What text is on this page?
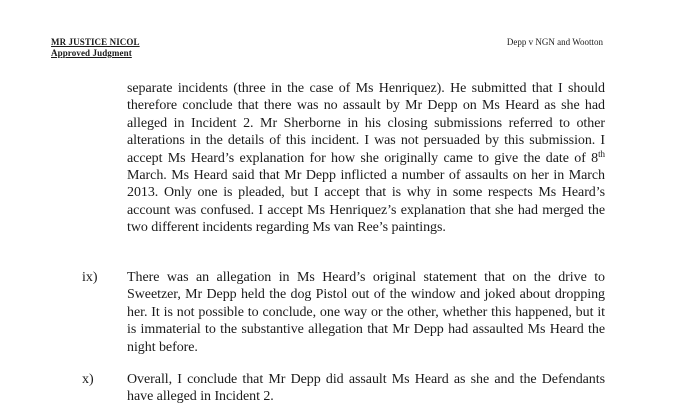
MR JUSTICE NICOL
Approved Judgment
Depp v NGN and Wootton
separate incidents (three in the case of Ms Henriquez). He submitted that I should therefore conclude that there was no assault by Mr Depp on Ms Heard as she had alleged in Incident 2. Mr Sherborne in his closing submissions referred to other alterations in the details of this incident. I was not persuaded by this submission. I accept Ms Heard’s explanation for how she originally came to give the date of 8th March. Ms Heard said that Mr Depp inflicted a number of assaults on her in March 2013. Only one is pleaded, but I accept that is why in some respects Ms Heard’s account was confused. I accept Ms Henriquez’s explanation that she had merged the two different incidents regarding Ms van Ree’s paintings.
ix) There was an allegation in Ms Heard’s original statement that on the drive to Sweetzer, Mr Depp held the dog Pistol out of the window and joked about dropping her. It is not possible to conclude, one way or the other, whether this happened, but it is immaterial to the substantive allegation that Mr Depp had assaulted Ms Heard the night before.
x) Overall, I conclude that Mr Depp did assault Ms Heard as she and the Defendants have alleged in Incident 2.
